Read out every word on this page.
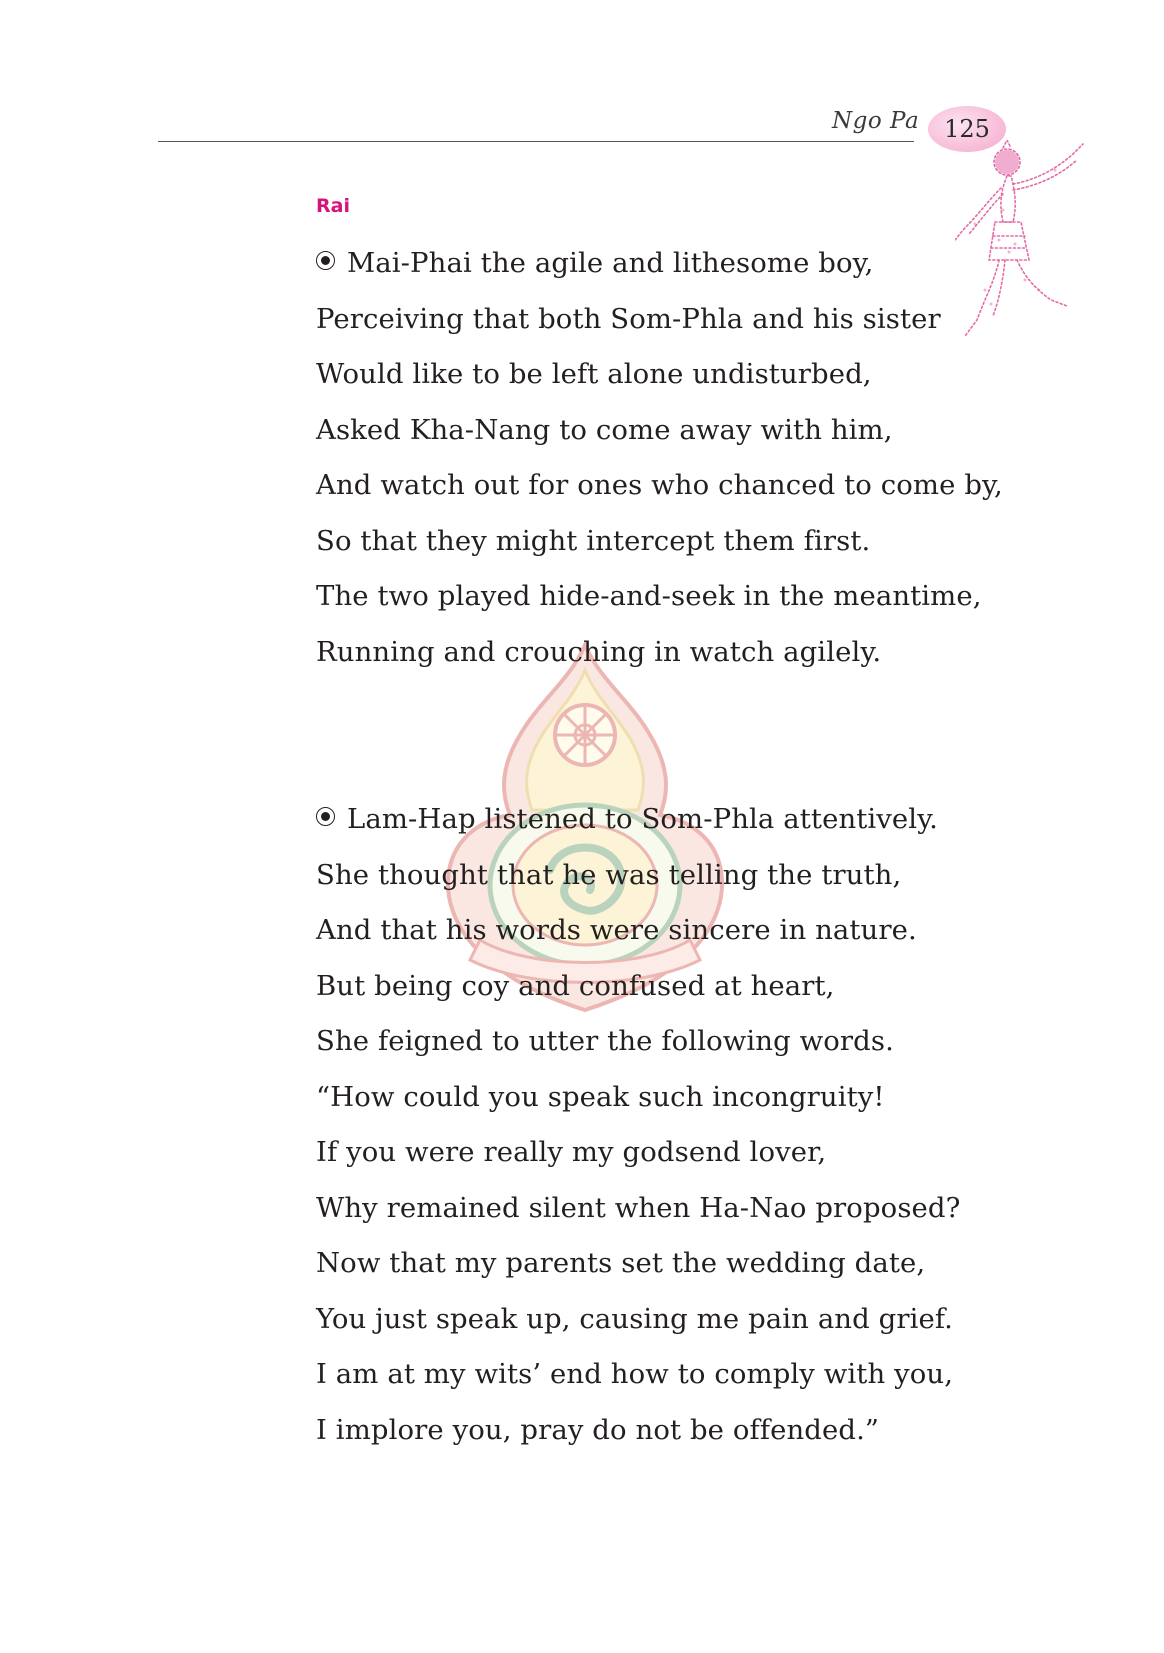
Ngo Pa 125
Rai
Mai-Phai the agile and lithesome boy,
Perceiving that both Som-Phla and his sister
Would like to be left alone undisturbed,
Asked Kha-Nang to come away with him,
And watch out for ones who chanced to come by,
So that they might intercept them first.
The two played hide-and-seek in the meantime,
Running and crouching in watch agilely.
Lam-Hap listened to Som-Phla attentively.
She thought that he was telling the truth,
And that his words were sincere in nature.
But being coy and confused at heart,
She feigned to utter the following words.
“How could you speak such incongruity!
If you were really my godsend lover,
Why remained silent when Ha-Nao proposed?
Now that my parents set the wedding date,
You just speak up, causing me pain and grief.
I am at my wits’ end how to comply with you,
I implore you, pray do not be offended.”
